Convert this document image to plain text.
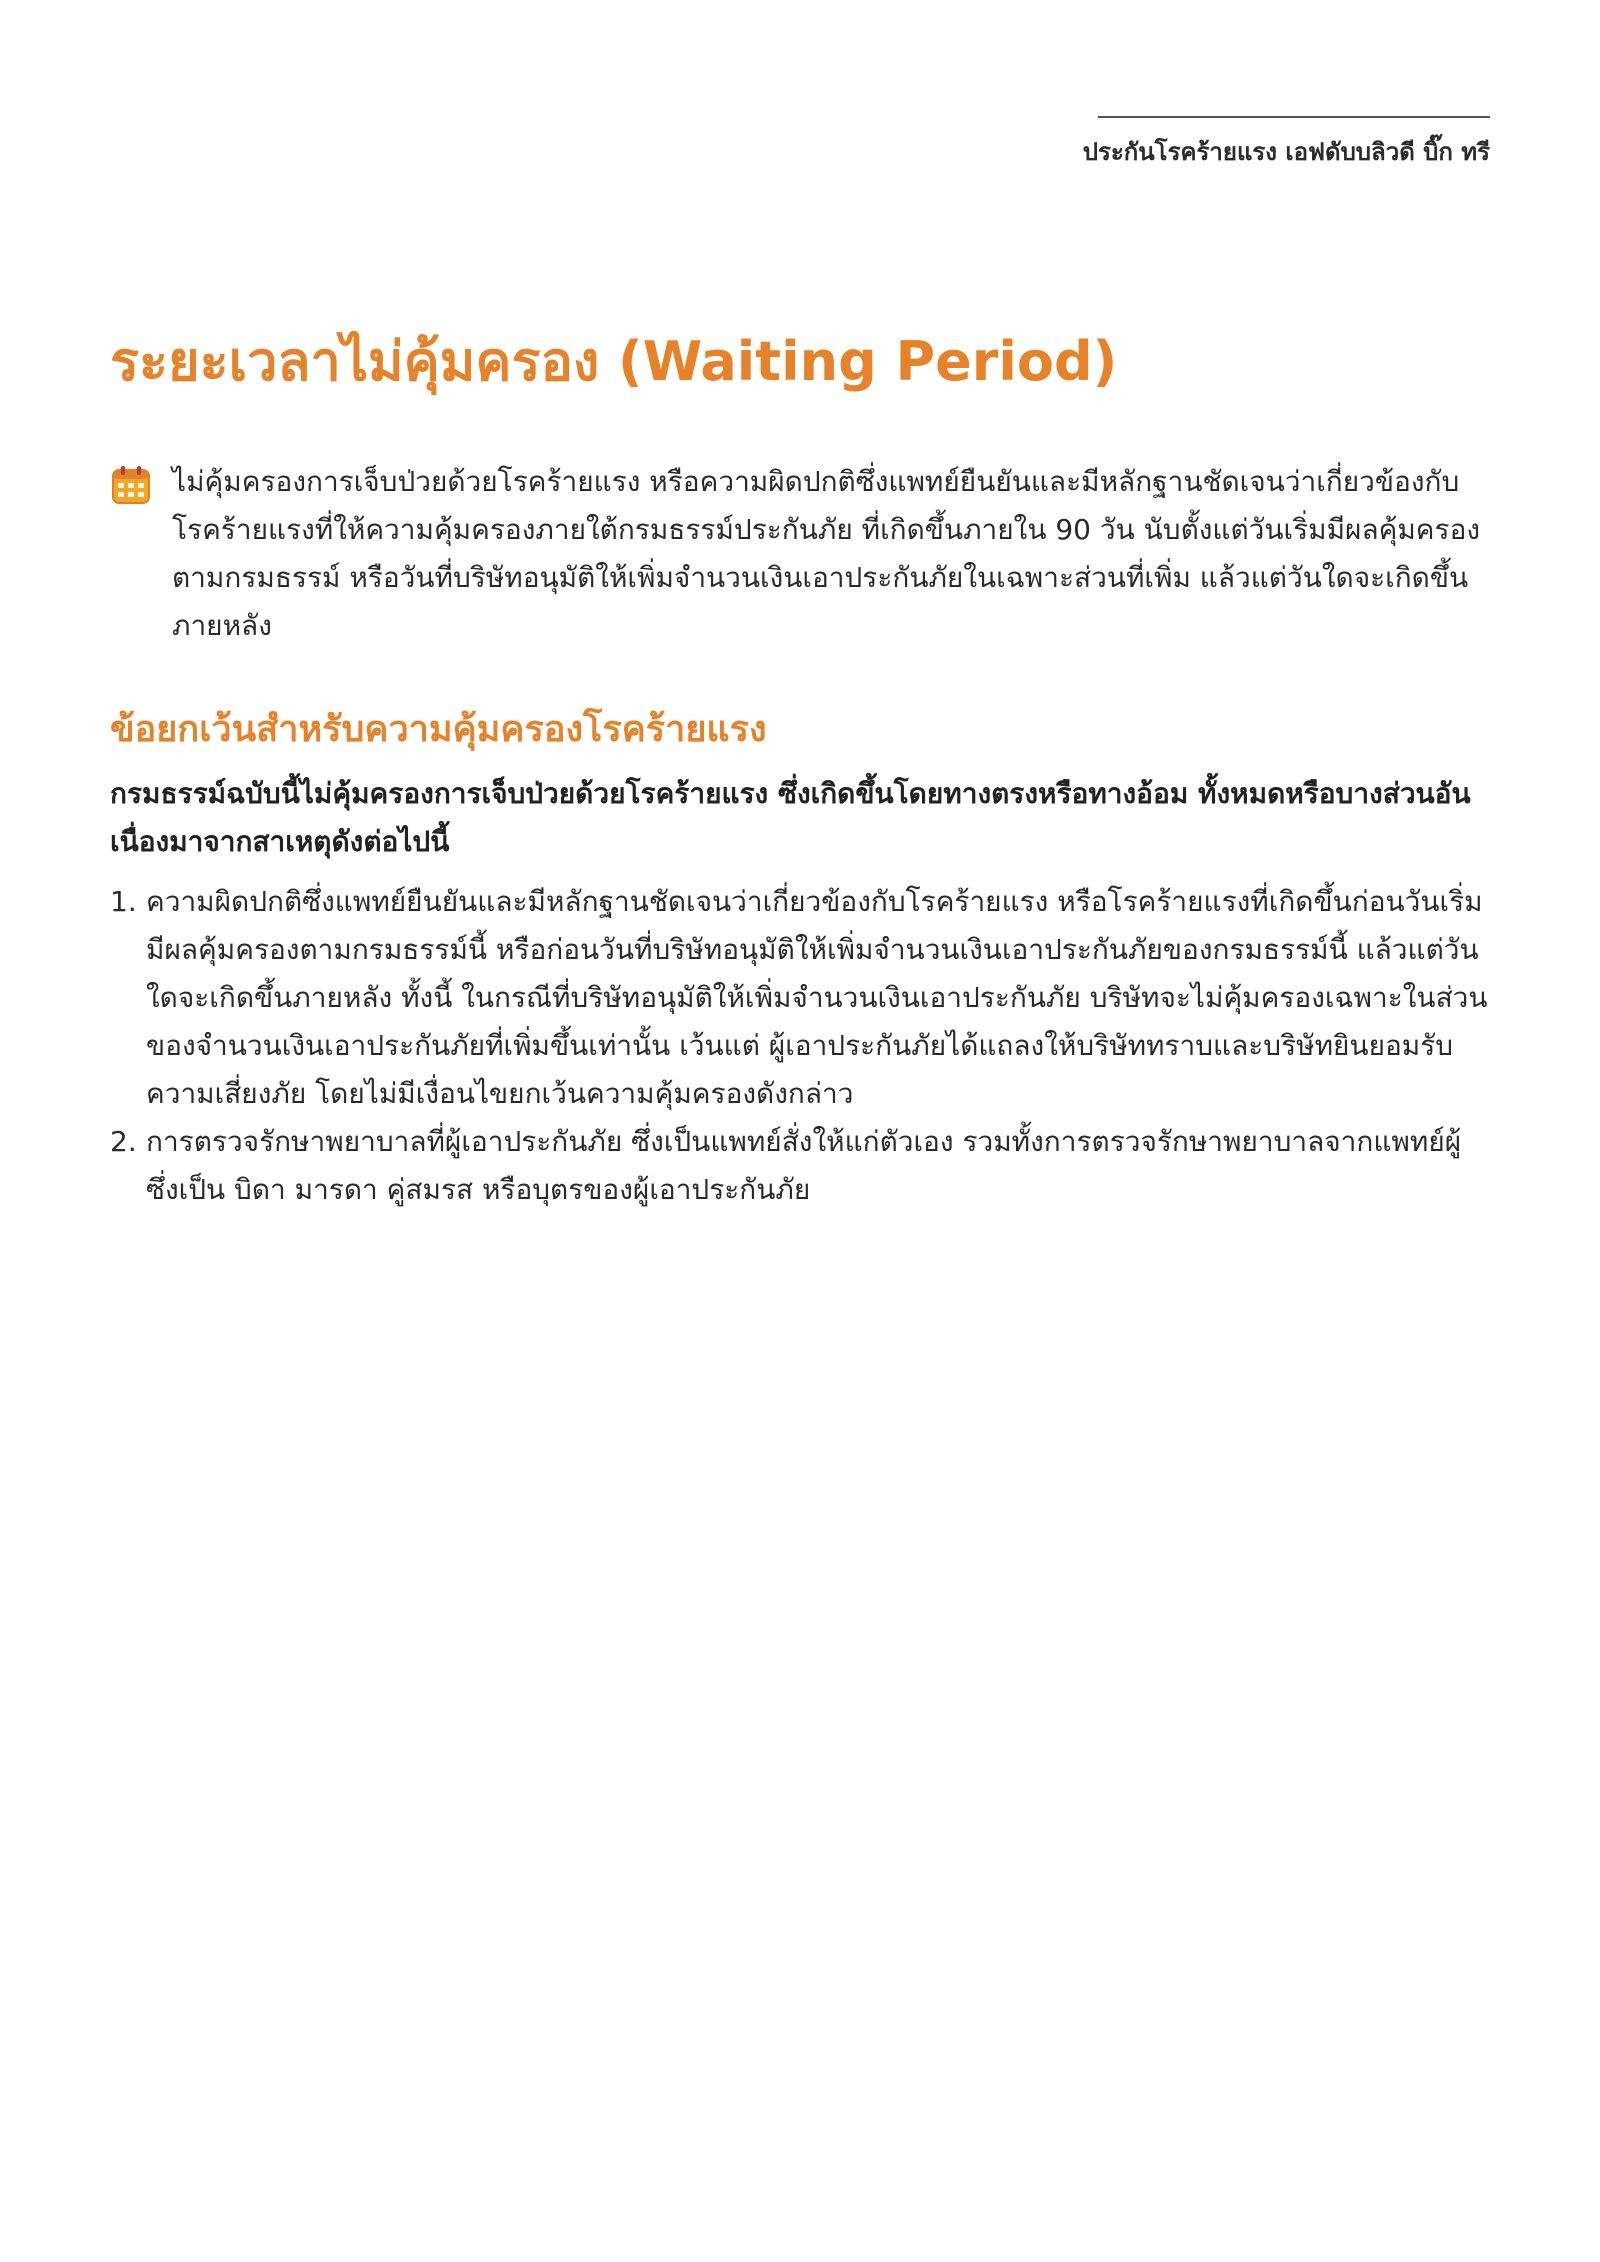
ประกันโรคร้ายแรง เอฟดับบลิวดี บิ๊ก ทรี
ระยะเวลาไม่คุ้มครอง (Waiting Period)

ไม่คุ้มครองการเจ็บป่วยด้วยโรคร้ายแรง หรือความผิดปกติซึ่งแพทย์ยืนยันและมีหลักฐานชัดเจนว่าเกี่ยวข้องกับโรคร้ายแรงที่ให้ความคุ้มครองภายใต้กรมธรรม์ประกันภัย ที่เกิดขึ้นภายใน 90 วัน นับตั้งแต่วันเริ่มมีผลคุ้มครองตามกรมธรรม์ หรือวันที่บริษัทอนุมัติให้เพิ่มจำนวนเงินเอาประกันภัยในเฉพาะส่วนที่เพิ่ม แล้วแต่วันใดจะเกิดขึ้นภายหลัง

ข้อยกเว้นสำหรับความคุ้มครองโรคร้ายแรง

กรมธรรม์ฉบับนี้ไม่คุ้มครองการเจ็บป่วยด้วยโรคร้ายแรง ซึ่งเกิดขึ้นโดยทางตรงหรือทางอ้อม ทั้งหมดหรือบางส่วนอันเนื่องมาจากสาเหตุดังต่อไปนี้

1. ความผิดปกติซึ่งแพทย์ยืนยันและมีหลักฐานชัดเจนว่าเกี่ยวข้องกับโรคร้ายแรง หรือโรคร้ายแรงที่เกิดขึ้นก่อนวันเริ่มมีผลคุ้มครองตามกรมธรรม์นี้ หรือก่อนวันที่บริษัทอนุมัติให้เพิ่มจำนวนเงินเอาประกันภัยของกรมธรรม์นี้ แล้วแต่วันใดจะเกิดขึ้นภายหลัง ทั้งนี้ ในกรณีที่บริษัทอนุมัติให้เพิ่มจำนวนเงินเอาประกันภัย บริษัทจะไม่คุ้มครองเฉพาะในส่วนของจำนวนเงินเอาประกันภัยที่เพิ่มขึ้นเท่านั้น เว้นแต่ ผู้เอาประกันภัยได้แถลงให้บริษัททราบและบริษัทยินยอมรับความเสี่ยงภัย โดยไม่มีเงื่อนไขยกเว้นความคุ้มครองดังกล่าว
2. การตรวจรักษาพยาบาลที่ผู้เอาประกันภัย ซึ่งเป็นแพทย์สั่งให้แก่ตัวเอง รวมทั้งการตรวจรักษาพยาบาลจากแพทย์ผู้ซึ่งเป็น บิดา มารดา คู่สมรส หรือบุตรของผู้เอาประกันภัย
